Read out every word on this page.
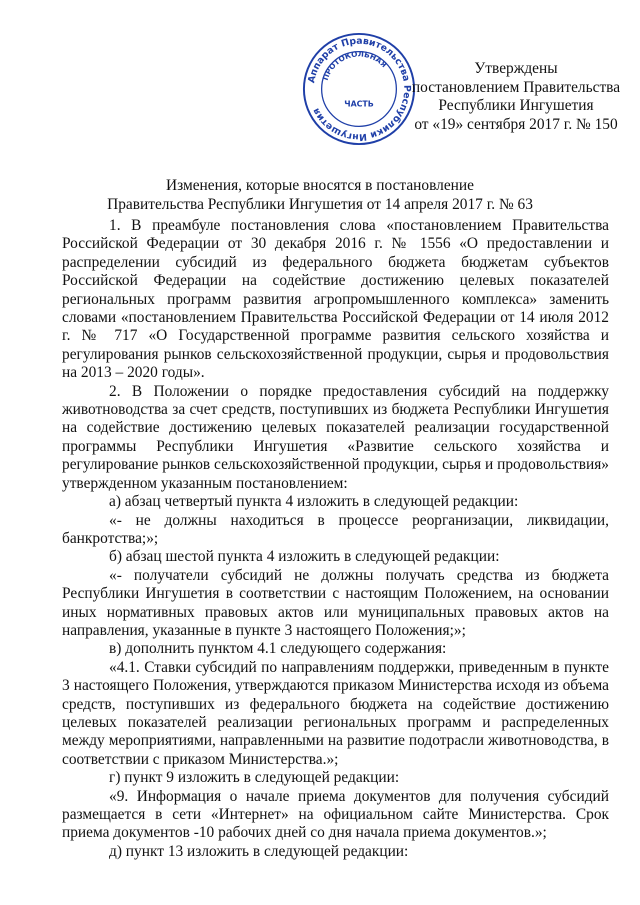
Аппарат Правительства Республики Ингушетия
ПРОТОКОЛЬНАЯ
ЧАСТЬ
Утверждены
постановлением Правительства
Республики Ингушетия
от «19» сентября 2017 г. № 150
Изменения, которые вносятся в постановление
Правительства Республики Ингушетия от 14 апреля 2017 г. № 63

1. В преамбуле постановления слова «постановлением Правительства Российской Федерации от 30 декабря 2016 г. № 1556 «О предоставлении и распределении субсидий из федерального бюджета бюджетам субъектов Российской Федерации на содействие достижению целевых показателей региональных программ развития агропромышленного комплекса» заменить словами «постановлением Правительства Российской Федерации от 14 июля 2012 г. № 717 «О Государственной программе развития сельского хозяйства и регулирования рынков сельскохозяйственной продукции, сырья и продовольствия на 2013 – 2020 годы».

2. В Положении о порядке предоставления субсидий на поддержку животноводства за счет средств, поступивших из бюджета Республики Ингушетия на содействие достижению целевых показателей реализации государственной программы Республики Ингушетия «Развитие сельского хозяйства и регулирование рынков сельскохозяйственной продукции, сырья и продовольствия» утвержденном указанным постановлением:

а) абзац четвертый пункта 4 изложить в следующей редакции:

«- не должны находиться в процессе реорганизации, ликвидации, банкротства;»;

б) абзац шестой пункта 4 изложить в следующей редакции:

«- получатели субсидий не должны получать средства из бюджета Республики Ингушетия в соответствии с настоящим Положением, на основании иных нормативных правовых актов или муниципальных правовых актов на направления, указанные в пункте 3 настоящего Положения;»;

в) дополнить пунктом 4.1 следующего содержания:

«4.1. Ставки субсидий по направлениям поддержки, приведенным в пункте 3 настоящего Положения, утверждаются приказом Министерства исходя из объема средств, поступивших из федерального бюджета на содействие достижению целевых показателей реализации региональных программ и распределенных между мероприятиями, направленными на развитие подотрасли животноводства, в соответствии с приказом Министерства.»;

г) пункт 9 изложить в следующей редакции:

«9. Информация о начале приема документов для получения субсидий размещается в сети «Интернет» на официальном сайте Министерства. Срок приема документов -10 рабочих дней со дня начала приема документов.»;

д) пункт 13 изложить в следующей редакции:
